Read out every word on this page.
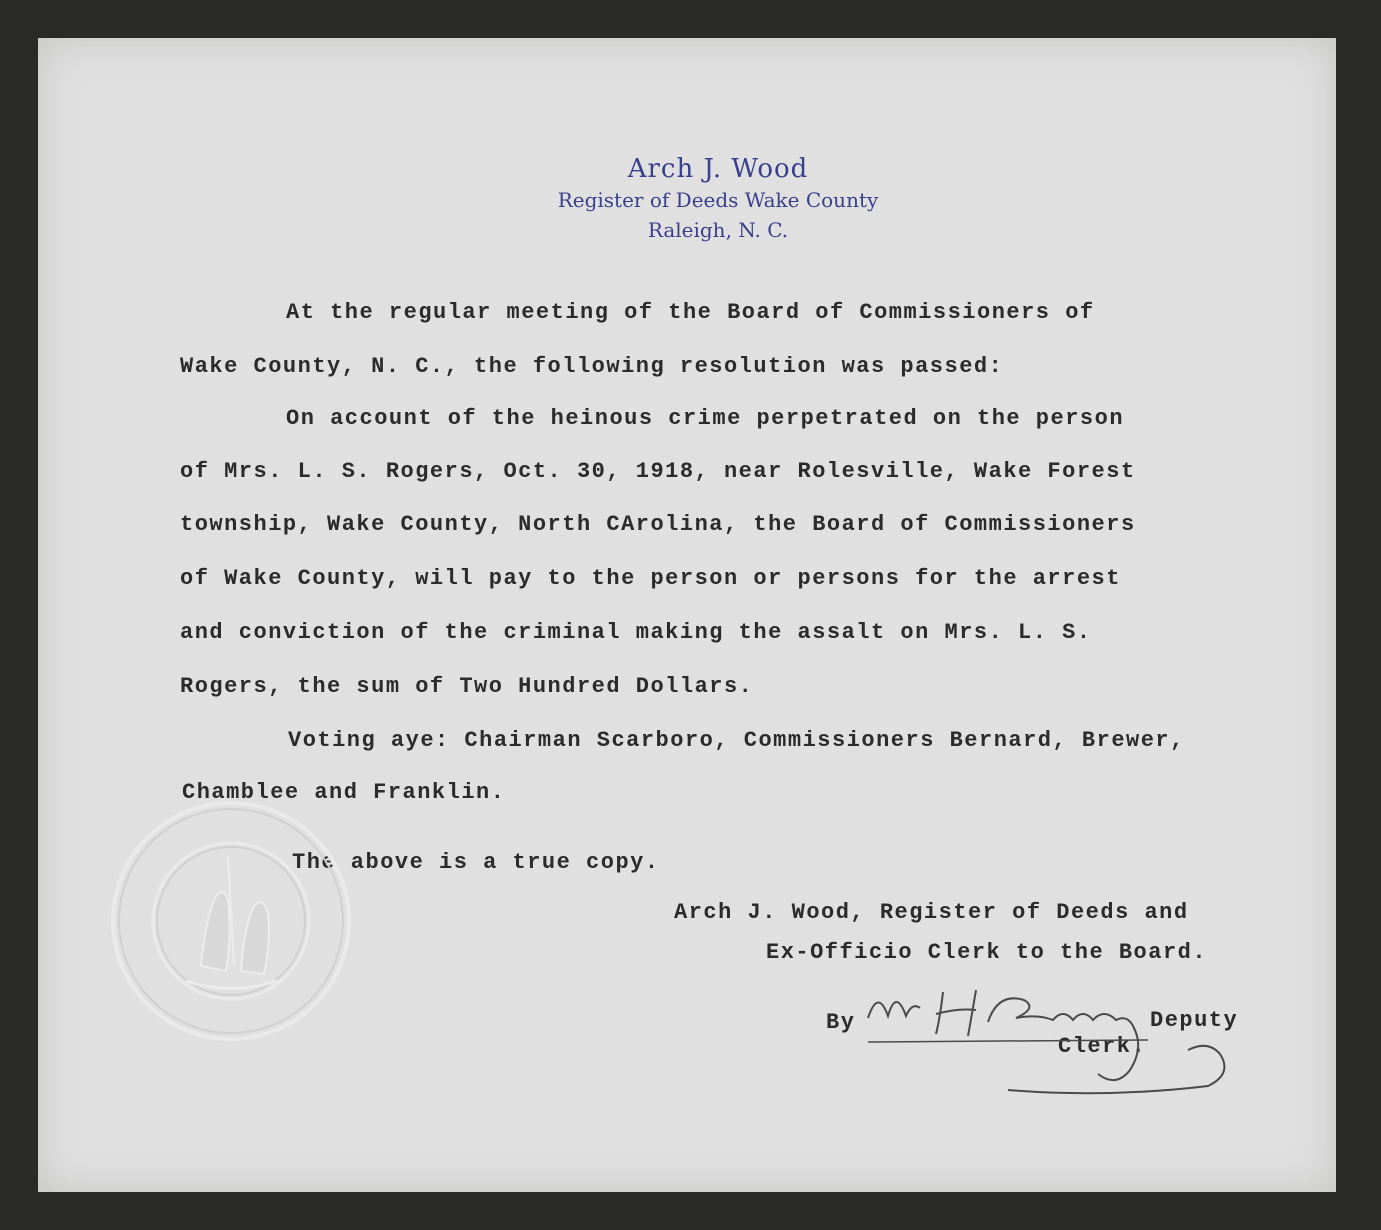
Arch J. Wood
Register of Deeds Wake County
Raleigh, N. C.
At the regular meeting of the Board of Commissioners of
Wake County, N. C., the following resolution was passed:
On account of the heinous crime perpetrated on the person
of Mrs. L. S. Rogers, Oct. 30, 1918, near Rolesville, Wake Forest
township, Wake County, North CArolina, the Board of Commissioners
of Wake County, will pay to the person or persons for the arrest
and conviction of the criminal making the assalt on Mrs. L. S.
Rogers, the sum of Two Hundred Dollars.
Voting aye: Chairman Scarboro, Commissioners Bernard, Brewer,
Chamblee and Franklin.
The above is a true copy.
Arch J. Wood, Register of Deeds and
Ex-Officio Clerk to the Board.
By	Deputy
Clerk.
